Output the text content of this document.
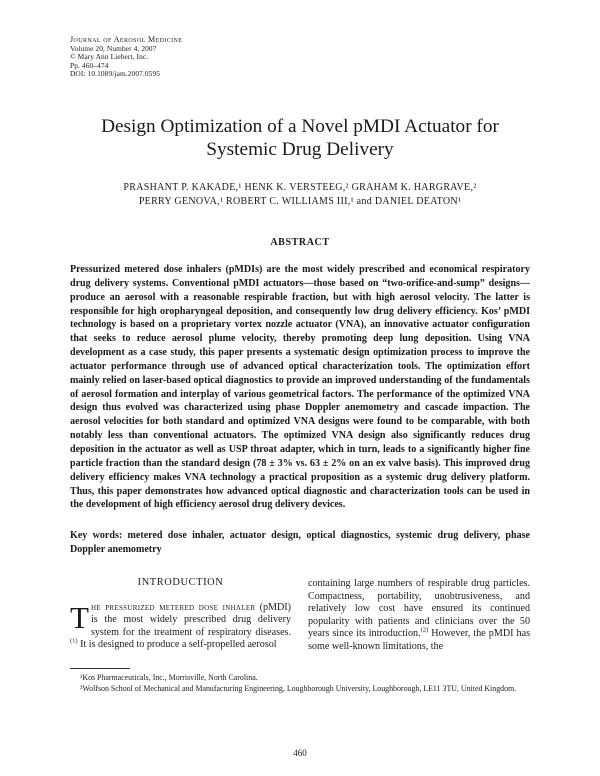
Journal of Aerosol Medicine
Volume 20, Number 4, 2007
© Mary Ann Liebert, Inc.
Pp. 460–474
DOI: 10.1089/jam.2007.0595
Design Optimization of a Novel pMDI Actuator for
Systemic Drug Delivery
PRASHANT P. KAKADE,¹ HENK K. VERSTEEG,² GRAHAM K. HARGRAVE,²
PERRY GENOVA,¹ ROBERT C. WILLIAMS III,¹ and DANIEL DEATON¹
ABSTRACT

Pressurized metered dose inhalers (pMDIs) are the most widely prescribed and economical respiratory drug delivery systems. Conventional pMDI actuators—those based on “two-orifice-and-sump” designs—produce an aerosol with a reasonable respirable fraction, but with high aerosol velocity. The latter is responsible for high oropharyngeal deposition, and consequently low drug delivery efficiency. Kos’ pMDI technology is based on a proprietary vortex nozzle actuator (VNA), an innovative actuator configuration that seeks to reduce aerosol plume velocity, thereby promoting deep lung deposition. Using VNA development as a case study, this paper presents a systematic design optimization process to improve the actuator performance through use of advanced optical characterization tools. The optimization effort mainly relied on laser-based optical diagnostics to provide an improved understanding of the fundamentals of aerosol formation and interplay of various geometrical factors. The performance of the optimized VNA design thus evolved was characterized using phase Doppler anemometry and cascade impaction. The aerosol velocities for both standard and optimized VNA designs were found to be comparable, with both notably less than conventional actuators. The optimized VNA design also significantly reduces drug deposition in the actuator as well as USP throat adapter, which in turn, leads to a significantly higher fine particle fraction than the standard design (78 ± 3% vs. 63 ± 2% on an ex valve basis). This improved drug delivery efficiency makes VNA technology a practical proposition as a systemic drug delivery platform. Thus, this paper demonstrates how advanced optical diagnostic and characterization tools can be used in the development of high efficiency aerosol drug delivery devices.

Key words: metered dose inhaler, actuator design, optical diagnostics, systemic drug delivery, phase Doppler anemometry

INTRODUCTION

The pressurized metered dose inhaler (pMDI) is the most widely prescribed drug delivery system for the treatment of respiratory diseases.$^{(1)}$ It is designed to produce a self-propelled aerosol

containing large numbers of respirable drug particles. Compactness, portability, unobtrusiveness, and relatively low cost have ensured its continued popularity with patients and clinicians over the 50 years since its introduction.$^{(2)}$ However, the pMDI has some well-known limitations, the

¹Kos Pharmaceuticals, Inc., Morrisville, North Carolina.

²Wolfson School of Mechanical and Manufacturing Engineering, Loughborough University, Loughborough, LE11 3TU, United Kingdom.

460
